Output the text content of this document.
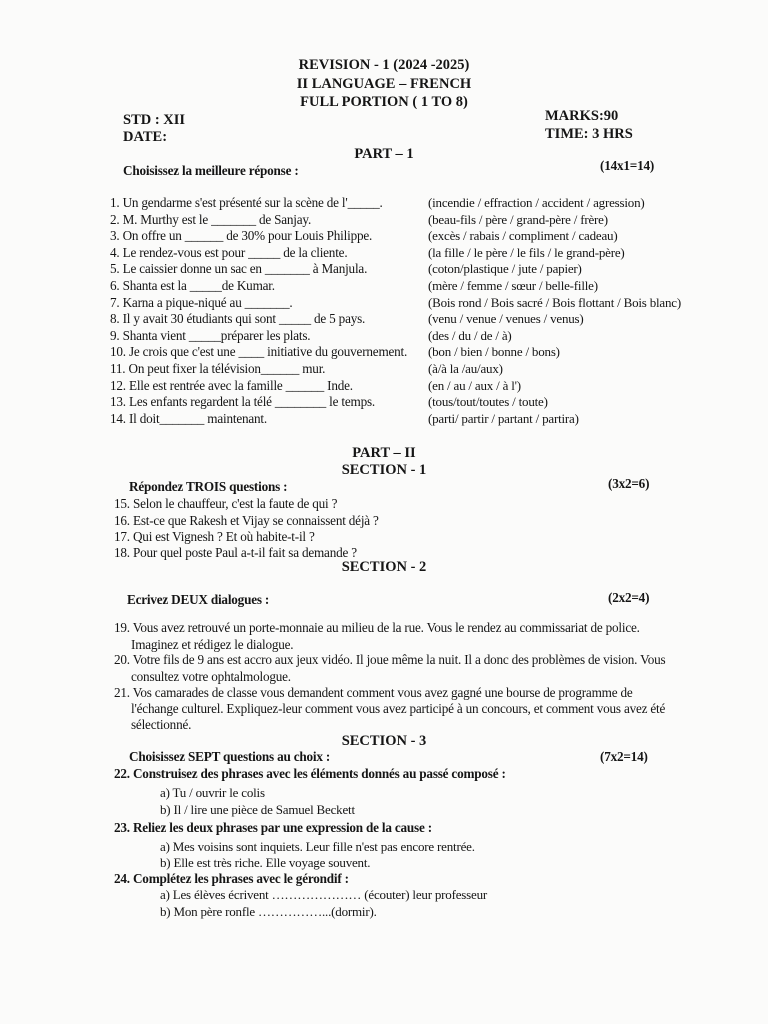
REVISION - 1 (2024 -2025)
II LANGUAGE – FRENCH
FULL PORTION ( 1 TO 8)
STD : XII
DATE:
MARKS:90
TIME: 3 HRS
PART – 1
Choisissez la meilleure réponse :	(14x1=14)
1. Un gendarme s'est présenté sur la scène de l'_____.	(incendie / effraction / accident / agression)
2. M. Murthy est le _______ de Sanjay.	(beau-fils / père / grand-père / frère)
3. On offre un ______ de 30% pour Louis Philippe.	(excès / rabais / compliment / cadeau)
4. Le rendez-vous est pour _____ de la cliente.	(la fille / le père / le fils / le grand-père)
5. Le caissier donne un sac en _______ à Manjula.	(coton/plastique / jute / papier)
6. Shanta est la _____de Kumar.	(mère / femme / sœur / belle-fille)
7. Karna a pique-niqué au _______.	(Bois rond / Bois sacré / Bois flottant / Bois blanc)
8. Il y avait 30 étudiants qui sont _____ de 5 pays.	(venu / venue / venues / venus)
9. Shanta vient _____préparer les plats.	(des / du / de / à)
10. Je crois que c'est une ____ initiative du gouvernement. (bon / bien / bonne / bons)
11. On peut fixer la télévision______ mur.	(à/à la /au/aux)
12. Elle est rentrée avec la famille ______ Inde.	(en / au / aux / à l')
13. Les enfants regardent la télé ________ le temps.	(tous/tout/toutes / toute)
14. Il doit_______ maintenant.	(parti/ partir / partant / partira)
PART – II
SECTION - 1
Répondez TROIS questions :	(3x2=6)
15. Selon le chauffeur, c'est la faute de qui ?
16. Est-ce que Rakesh et Vijay se connaissent déjà ?
17. Qui est Vignesh ? Et où habite-t-il ?
18. Pour quel poste Paul a-t-il fait sa demande ?
SECTION - 2
Ecrivez DEUX dialogues :	(2x2=4)
19. Vous avez retrouvé un porte-monnaie au milieu de la rue. Vous le rendez au commissariat de police.
Imaginez et rédigez le dialogue.
20. Votre fils de 9 ans est accro aux jeux vidéo. Il joue même la nuit. Il a donc des problèmes de vision. Vous
consultez votre ophtalmologue.
21. Vos camarades de classe vous demandent comment vous avez gagné une bourse de programme de
l'échange culturel. Expliquez-leur comment vous avez participé à un concours, et comment vous avez été
sélectionné.
SECTION - 3
Choisissez SEPT questions au choix :	(7x2=14)
22. Construisez des phrases avec les éléments donnés au passé composé :
a) Tu / ouvrir le colis
b) Il / lire une pièce de Samuel Beckett
23. Reliez les deux phrases par une expression de la cause :
a) Mes voisins sont inquiets. Leur fille n'est pas encore rentrée.
b) Elle est très riche. Elle voyage souvent.
24. Complétez les phrases avec le gérondif :
a) Les élèves écrivent ………………… (écouter) leur professeur
b) Mon père ronfle ……………...(dormir).
